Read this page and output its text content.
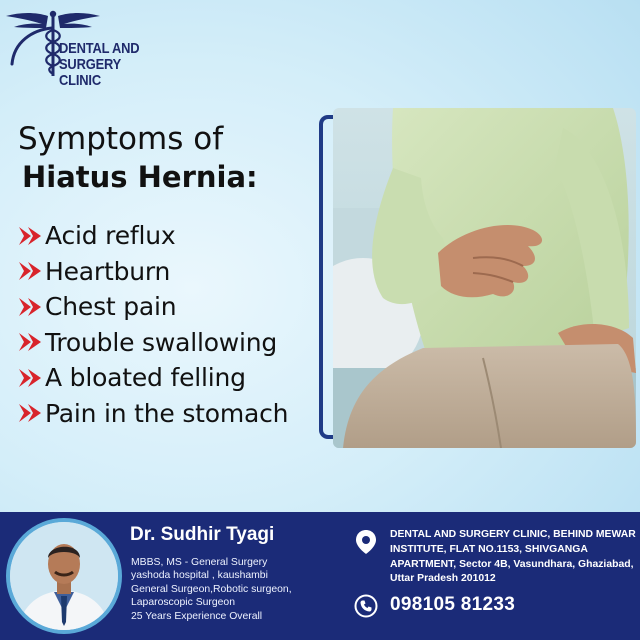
DENTAL AND
SURGERY CLINIC
Symptoms of
Hiatus Hernia:
Acid reflux
Heartburn
Chest pain
Trouble swallowing
A bloated felling
Pain in the stomach
Dr. Sudhir Tyagi
MBBS, MS - General Surgery
yashoda hospital , kaushambi
General Surgeon,Robotic surgeon,
Laparoscopic Surgeon
25 Years Experience Overall
DENTAL AND SURGERY CLINIC, BEHIND MEWAR INSTITUTE, FLAT NO.1153, SHIVGANGA APARTMENT, Sector 4B, Vasundhara, Ghaziabad, Uttar Pradesh 201012
098105 81233
